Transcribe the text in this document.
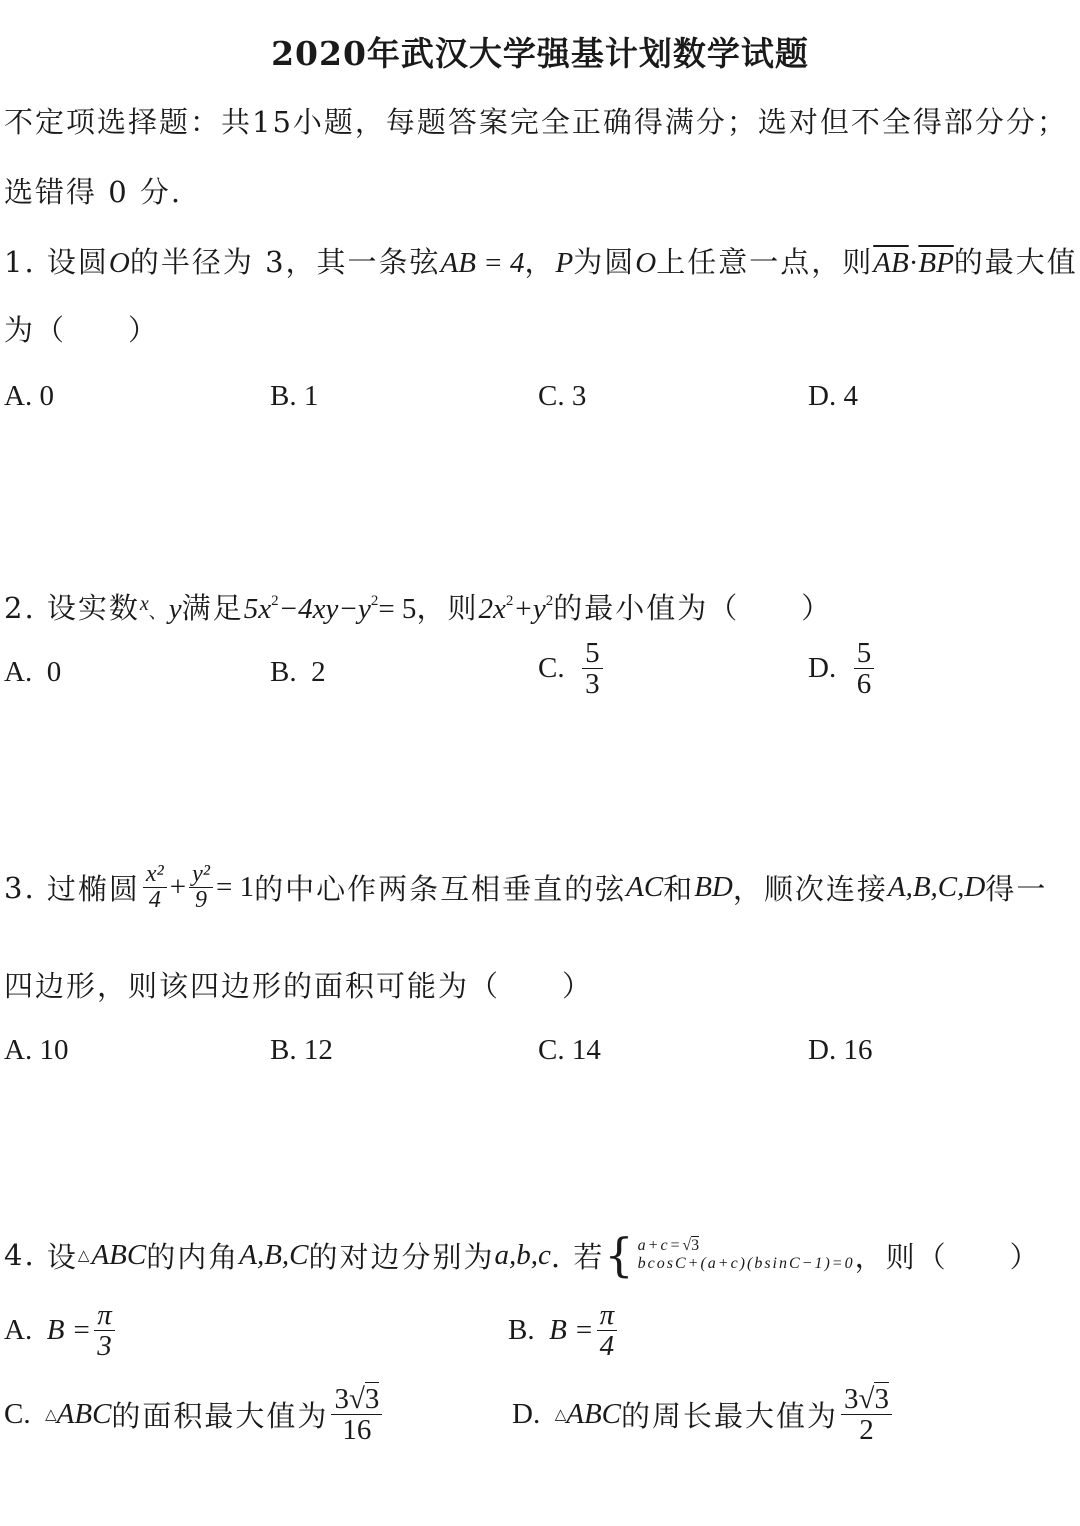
2020年武汉大学强基计划数学试题
不定项选择题：共15小题，每题答案完全正确得满分；选对但不全得部分分；
选错得 0 分.
1. 设圆O的半径为 3，其一条弦AB = 4，P为圆O上任意一点，则$\overline{AB}\cdot\overline{BP}$的最大值
为（　　）
A. 0	B. 1	C. 3	D. 4
2. 设实数$^x$、y满足$5x^2-4xy-y^2= 5$，则$2x^2+y^2$的最小值为（　　）
A. 0	B. 2	C.
$\frac{5}{3}$	D.
$\frac{5}{6}$
3.
过椭圆 $\frac{\text{x²}}{4} + \frac{\text{y²}}{9} = 1$ 的中心作两条互相垂直的弦 AC 和 BD ，顺次连接 A,B,C,D 得一
四边形，则该四边形的面积可能为（　　）
A. 10	B. 12	C. 14	D. 16
4.
设 △ ABC 的内角 A,B,C 的对边分别为 a,b,c . 若 { a+c=√3
bcosC+(a+c)(bsinC−1)=0 ，则（　　）
A.
$B = \frac{\pi}{3}$	B.
$B = \frac{\pi}{4}$
C.
△ ABC 的面积最大值为 $\frac{3√3}{16}$	D.
△ ABC 的周长最大值为 $\frac{3√3}{2}$
